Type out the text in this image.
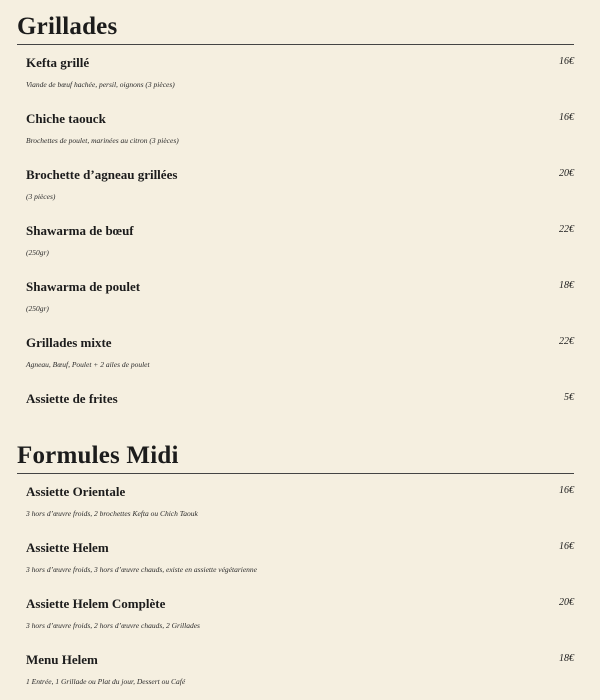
Grillades
Kefta grillé	16€
Viande de bœuf hachée, persil, oignons (3 pièces)
Chiche taouck	16€
Brochettes de poulet, marinées au citron (3 pièces)
Brochette d’agneau grillées	20€
(3 pièces)
Shawarma de bœuf	22€
(250gr)
Shawarma de poulet	18€
(250gr)
Grillades mixte	22€
Agneau, Bœuf, Poulet + 2 ailes de poulet
Assiette de frites	5€
Formules Midi
Assiette Orientale	16€
3 hors d’œuvre froids, 2 brochettes Kefta ou Chich Taouk
Assiette Helem	16€
3 hors d’œuvre froids, 3 hors d’œuvre chauds, existe en assiette végétarienne
Assiette Helem Complète	20€
3 hors d’œuvre froids, 2 hors d’œuvre chauds, 2 Grillades
Menu Helem	18€
1 Entrée, 1 Grillade ou Plat du jour, Dessert ou Café
